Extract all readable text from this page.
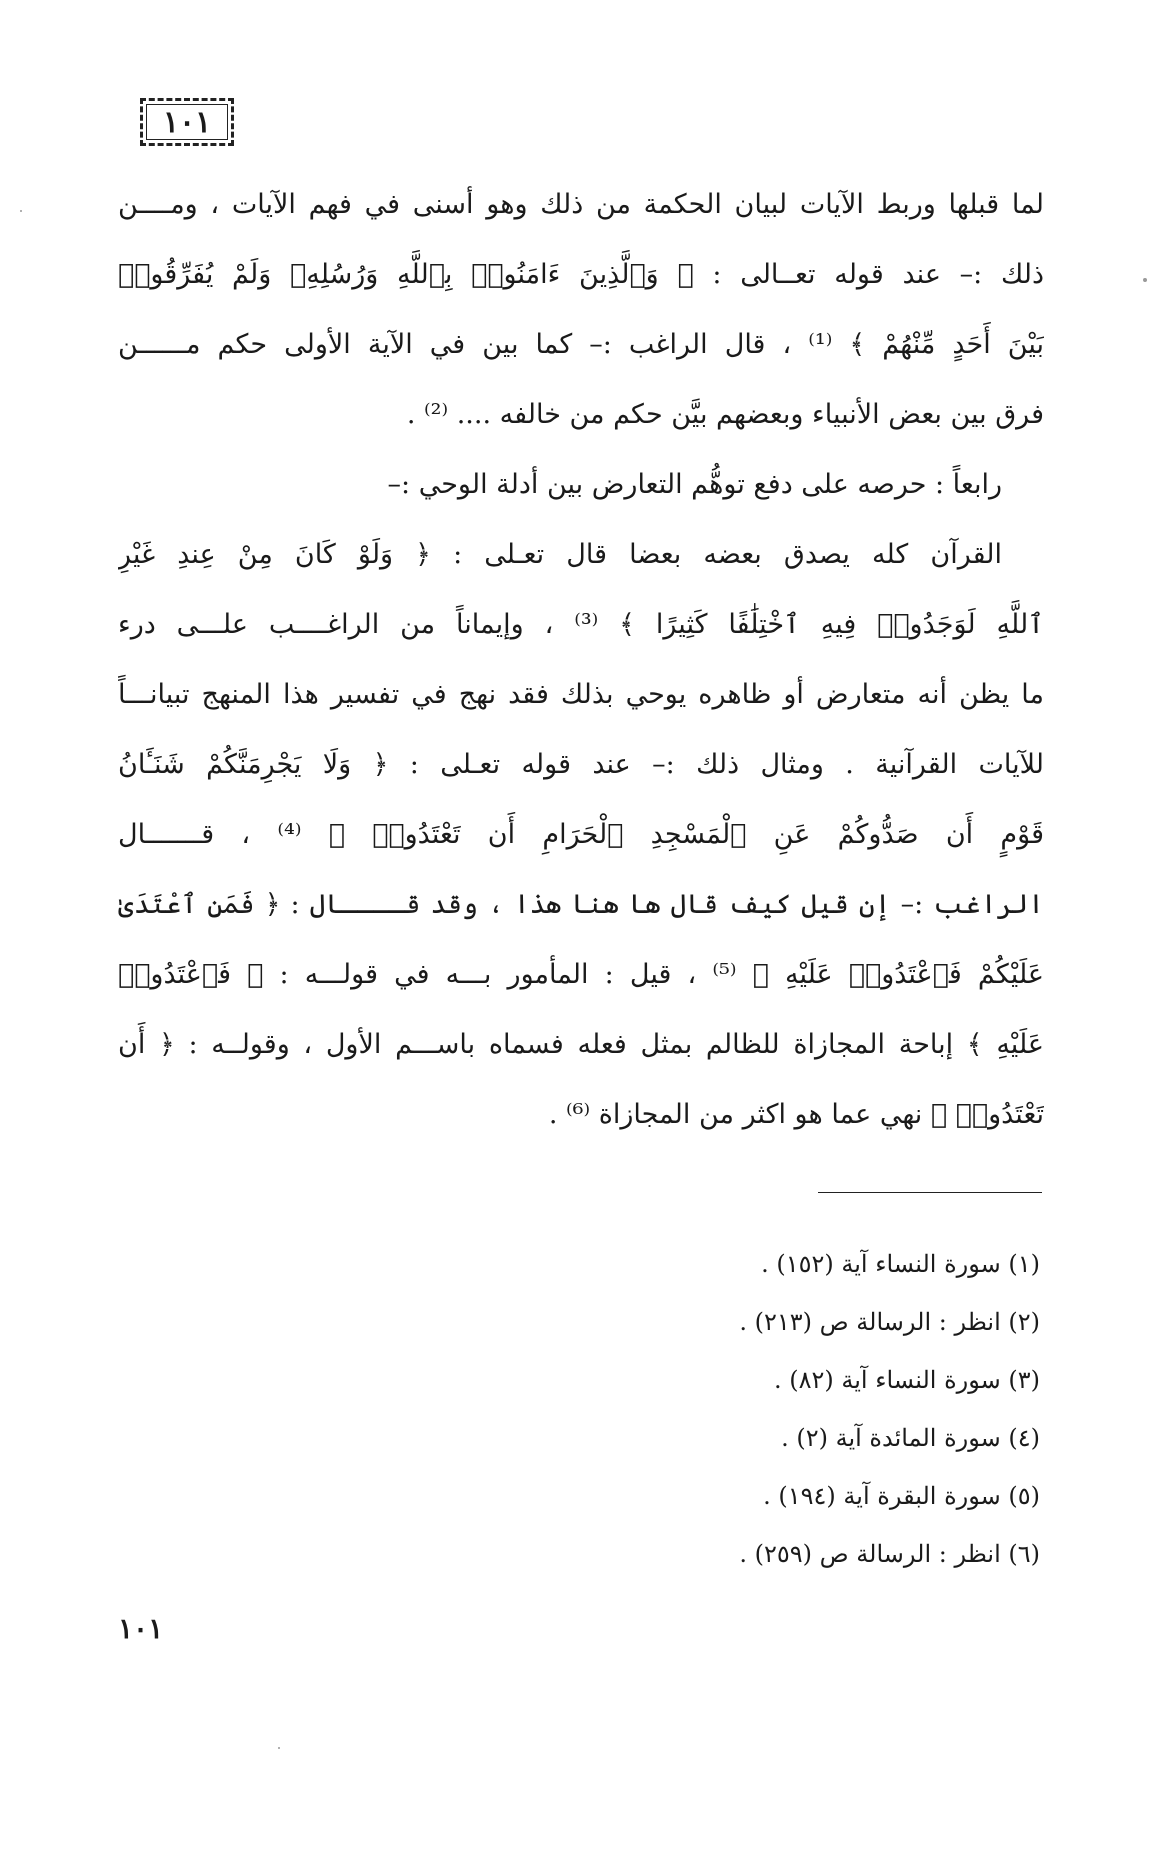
١٠١
لما قبلها وربط الآيات لبيان الحكمة من ذلك وهو أسنى في فهم الآيات ، ومــــن
ذلك :– عند قوله تعــالى : ﴿ وَٱلَّذِينَ ءَامَنُوا۟ بِٱللَّهِ وَرُسُلِهِۦ وَلَمْ يُفَرِّقُوا۟
بَيْنَ أَحَدٍ مِّنْهُمْ ﴾ ⁽¹⁾ ، قال الراغب :– كما بين في الآية الأولى حكم مــــــن
فرق بين بعض الأنبياء وبعضهم بيَّن حكم من خالفه .... ⁽²⁾ .
رابعاً : حرصه على دفع توهُّم التعارض بين أدلة الوحي :–
القرآن كله يصدق بعضه بعضا قال تعـلى : ﴿ وَلَوْ كَانَ مِنْ عِندِ غَيْرِ
ٱللَّهِ لَوَجَدُوا۟ فِيهِ ٱخْتِلَٰفًا كَثِيرًا ﴾ ⁽³⁾ ، وإيماناً من الراغــــب علـــى درء
ما يظن أنه متعارض أو ظاهره يوحي بذلك فقد نهج في تفسير هذا المنهج تبيانـــاً
للآيات القرآنية . ومثال ذلك :– عند قوله تعـلى : ﴿ وَلَا يَجْرِمَنَّكُمْ شَنَـَٔانُ
قَوْمٍ أَن صَدُّوكُمْ عَنِ ٱلْمَسْجِدِ ٱلْحَرَامِ أَن تَعْتَدُوا۟ ﴾ ⁽⁴⁾ ، قـــــــال
الراغب :– إن قيل كيف قال ها هنا هذا ، وقد قــــال : ﴿ فَمَنِ ٱعْتَدَىٰ
عَلَيْكُمْ فَٱعْتَدُوا۟ عَلَيْهِ ﴾ ⁽⁵⁾ ، قيل : المأمور بـــه في قولـــه : ﴿ فَٱعْتَدُوا۟
عَلَيْهِ ﴾ إباحة المجازاة للظالم بمثل فعله فسماه باســـم الأول ، وقولــه : ﴿ أَن
تَعْتَدُوا۟ ﴾ نهي عما هو اكثر من المجازاة ⁽⁶⁾ .
(١) سورة النساء آية (١٥٢) .
(٢) انظر : الرسالة ص (٢١٣) .
(٣) سورة النساء آية (٨٢) .
(٤) سورة المائدة آية (٢) .
(٥) سورة البقرة آية (١٩٤) .
(٦) انظر : الرسالة ص (٢٥٩) .
١٠١
